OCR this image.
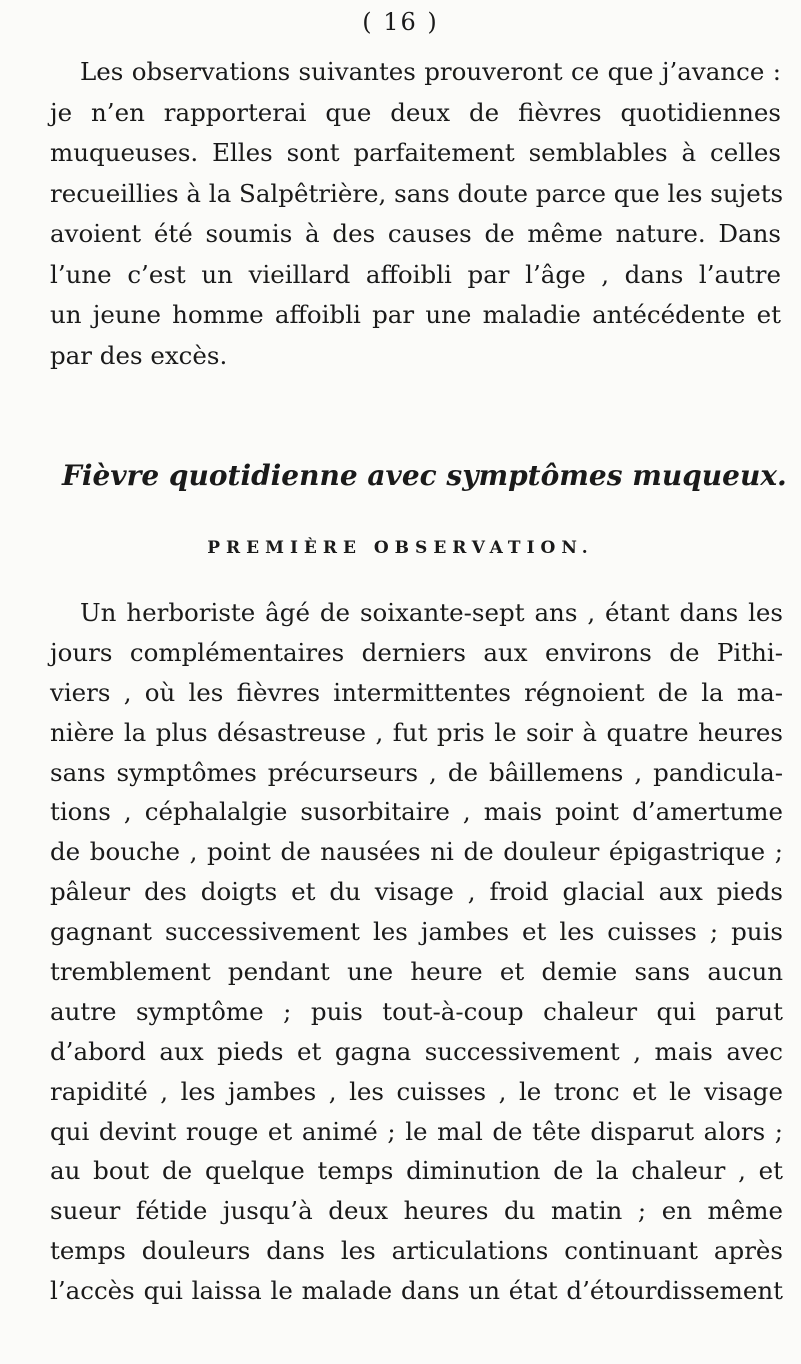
( 16 )
Les observations suivantes prouveront ce que j’avance :
je n’en rapporterai que deux de fièvres quotidiennes
muqueuses. Elles sont parfaitement semblables à celles
recueillies à la Salpêtrière, sans doute parce que les sujets
avoient été soumis à des causes de même nature. Dans
l’une c’est un vieillard affoibli par l’âge , dans l’autre
un jeune homme affoibli par une maladie antécédente et
par des excès.
Fièvre quotidienne avec symptômes muqueux.
PREMIÈRE OBSERVATION.
Un herboriste âgé de soixante-sept ans , étant dans les
jours complémentaires derniers aux environs de Pithi-
viers , où les fièvres intermittentes régnoient de la ma-
nière la plus désastreuse , fut pris le soir à quatre heures
sans symptômes précurseurs , de bâillemens , pandicula-
tions , céphalalgie susorbitaire , mais point d’amertume
de bouche , point de nausées ni de douleur épigastrique ;
pâleur des doigts et du visage , froid glacial aux pieds
gagnant successivement les jambes et les cuisses ; puis
tremblement pendant une heure et demie sans aucun
autre symptôme ; puis tout-à-coup chaleur qui parut
d’abord aux pieds et gagna successivement , mais avec
rapidité , les jambes , les cuisses , le tronc et le visage
qui devint rouge et animé ; le mal de tête disparut alors ;
au bout de quelque temps diminution de la chaleur , et
sueur fétide jusqu’à deux heures du matin ; en même
temps douleurs dans les articulations continuant après
l’accès qui laissa le malade dans un état d’étourdissement
